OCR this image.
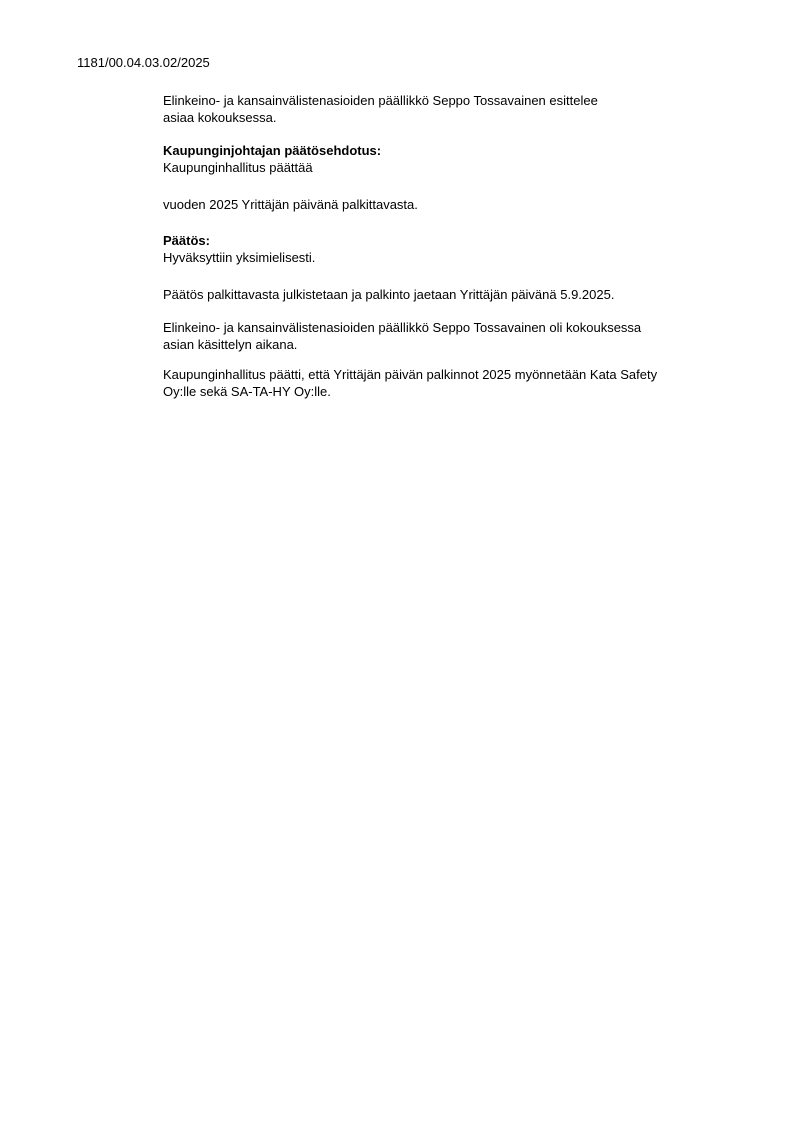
1181/00.04.03.02/2025

Elinkeino- ja kansainvälistenasioiden päällikkö Seppo Tossavainen esittelee
asiaa kokouksessa.

Kaupunginjohtajan päätösehdotus:

Kaupunginhallitus päättää

vuoden 2025 Yrittäjän päivänä palkittavasta.

Päätös:

Hyväksyttiin yksimielisesti.

Päätös palkittavasta julkistetaan ja palkinto jaetaan Yrittäjän päivänä 5.9.2025.

Elinkeino- ja kansainvälistenasioiden päällikkö Seppo Tossavainen oli kokouksessa
asian käsittelyn aikana.

Kaupunginhallitus päätti, että Yrittäjän päivän palkinnot 2025 myönnetään Kata Safety
Oy:lle sekä SA-TA-HY Oy:lle.
